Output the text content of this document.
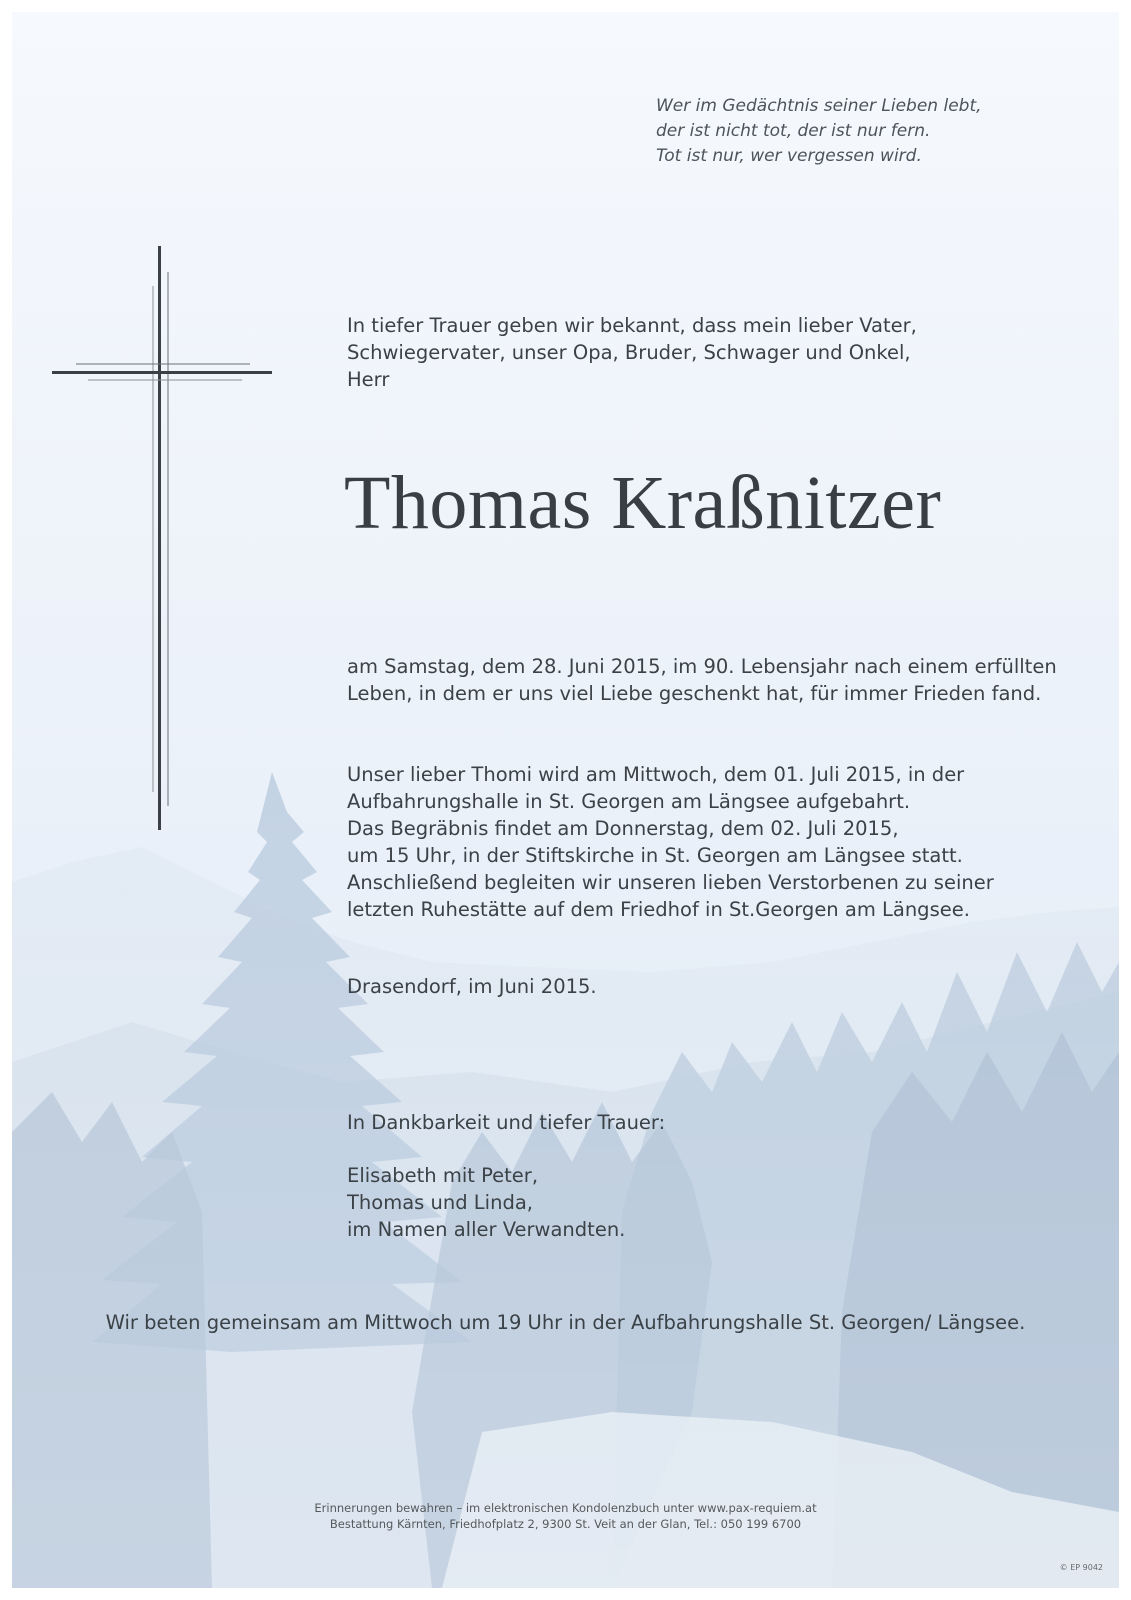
Wer im Gedächtnis seiner Lieben lebt,
der ist nicht tot, der ist nur fern.
Tot ist nur, wer vergessen wird.
In tiefer Trauer geben wir bekannt, dass mein lieber Vater,
Schwiegervater, unser Opa, Bruder, Schwager und Onkel,
Herr
Thomas Kraßnitzer
am Samstag, dem 28. Juni 2015, im 90. Lebensjahr nach einem erfüllten
Leben, in dem er uns viel Liebe geschenkt hat, für immer Frieden fand.
Unser lieber Thomi wird am Mittwoch, dem 01. Juli 2015, in der
Aufbahrungshalle in St. Georgen am Längsee aufgebahrt.
Das Begräbnis findet am Donnerstag, dem 02. Juli 2015,
um 15 Uhr, in der Stiftskirche in St. Georgen am Längsee statt.
Anschließend begleiten wir unseren lieben Verstorbenen zu seiner
letzten Ruhestätte auf dem Friedhof in St.Georgen am Längsee.
Drasendorf, im Juni 2015.
In Dankbarkeit und tiefer Trauer:
Elisabeth mit Peter,
Thomas und Linda,
im Namen aller Verwandten.
Wir beten gemeinsam am Mittwoch um 19 Uhr in der Aufbahrungshalle St. Georgen/ Längsee.
Erinnerungen bewahren – im elektronischen Kondolenzbuch unter www.pax-requiem.at
Bestattung Kärnten, Friedhofplatz 2, 9300 St. Veit an der Glan, Tel.: 050 199 6700
© EP 9042
